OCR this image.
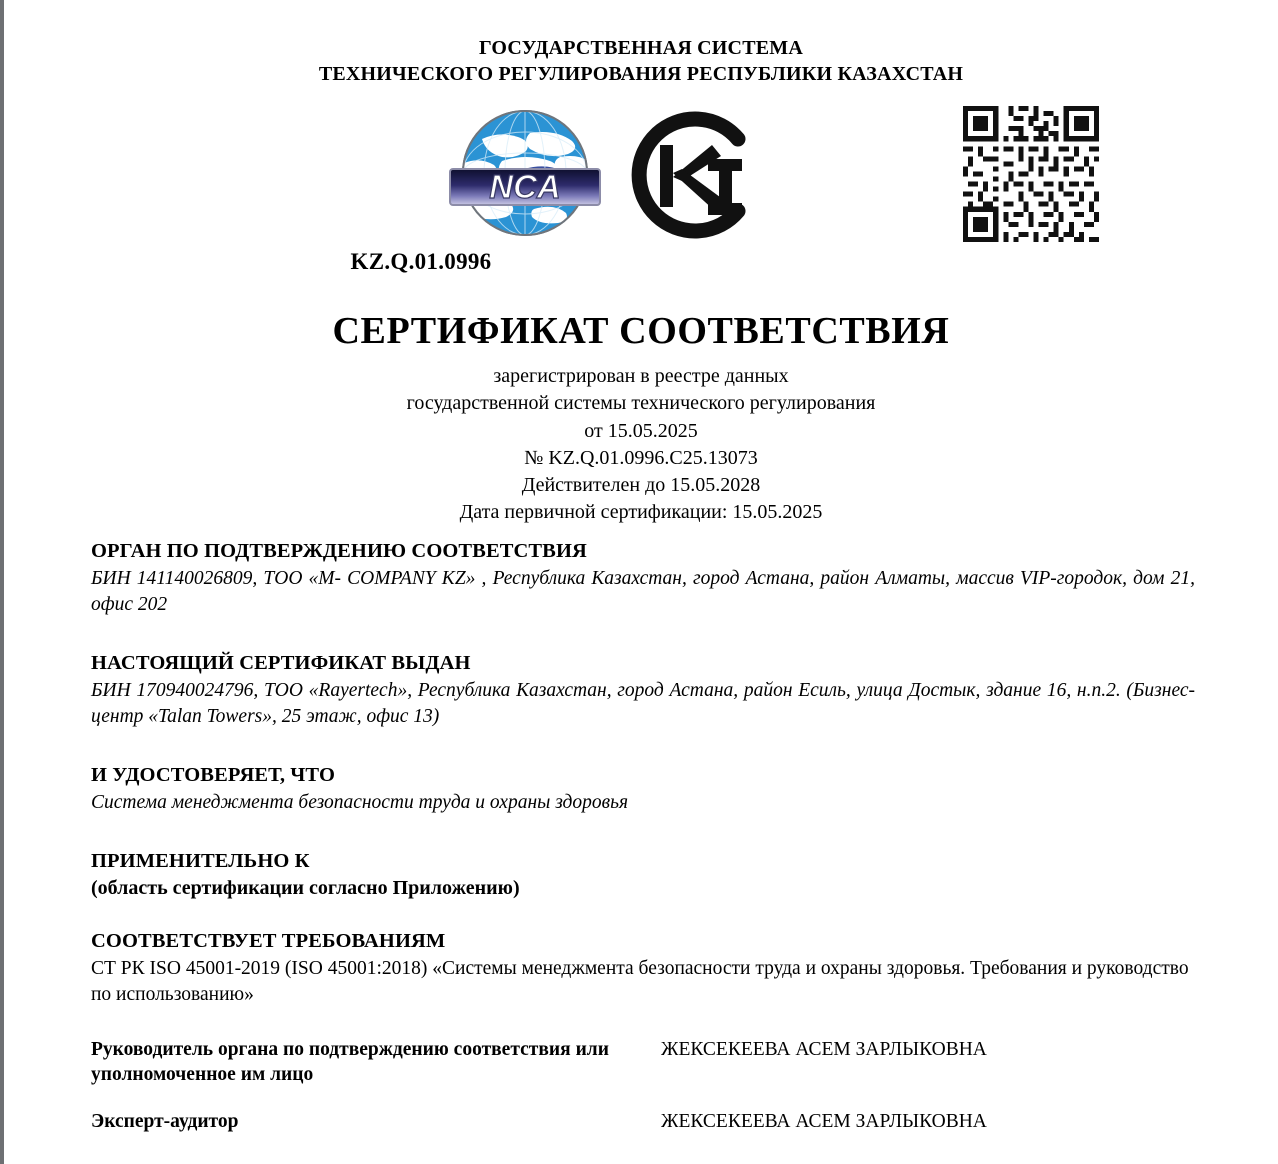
ГОСУДАРСТВЕННАЯ СИСТЕМА
ТЕХНИЧЕСКОГО РЕГУЛИРОВАНИЯ РЕСПУБЛИКИ КАЗАХСТАН
NCA
KZ.Q.01.0996
СЕРТИФИКАТ СООТВЕТСТВИЯ
зарегистрирован в реестре данных
государственной системы технического регулирования
от 15.05.2025
№ KZ.Q.01.0996.C25.13073
Действителен до 15.05.2028
Дата первичной сертификации: 15.05.2025
ОРГАН ПО ПОДТВЕРЖДЕНИЮ СООТВЕТСТВИЯ
БИН 141140026809, ТОО «M- COMPANY KZ» , Республика Казахстан, город Астана, район Алматы, массив VIP-городок, дом 21, офис 202
НАСТОЯЩИЙ СЕРТИФИКАТ ВЫДАН
БИН 170940024796, ТОО «Rayertech», Республика Казахстан, город Астана, район Есиль, улица Достык, здание 16, н.п.2. (Бизнес-центр «Talan Towers», 25 этаж, офис 13)
И УДОСТОВЕРЯЕТ, ЧТО
Система менеджмента безопасности труда и охраны здоровья
ПРИМЕНИТЕЛЬНО К
(область сертификации согласно Приложению)
СООТВЕТСТВУЕТ ТРЕБОВАНИЯМ
СТ РК ISO 45001-2019 (ISO 45001:2018) «Системы менеджмента безопасности труда и охраны здоровья. Требования и руководство по использованию»
Руководитель органа по подтверждению соответствия или уполномоченное им лицо
ЖЕКСЕКЕЕВА АСЕМ ЗАРЛЫКОВНА
Эксперт-аудитор	ЖЕКСЕКЕЕВА АСЕМ ЗАРЛЫКОВНА
